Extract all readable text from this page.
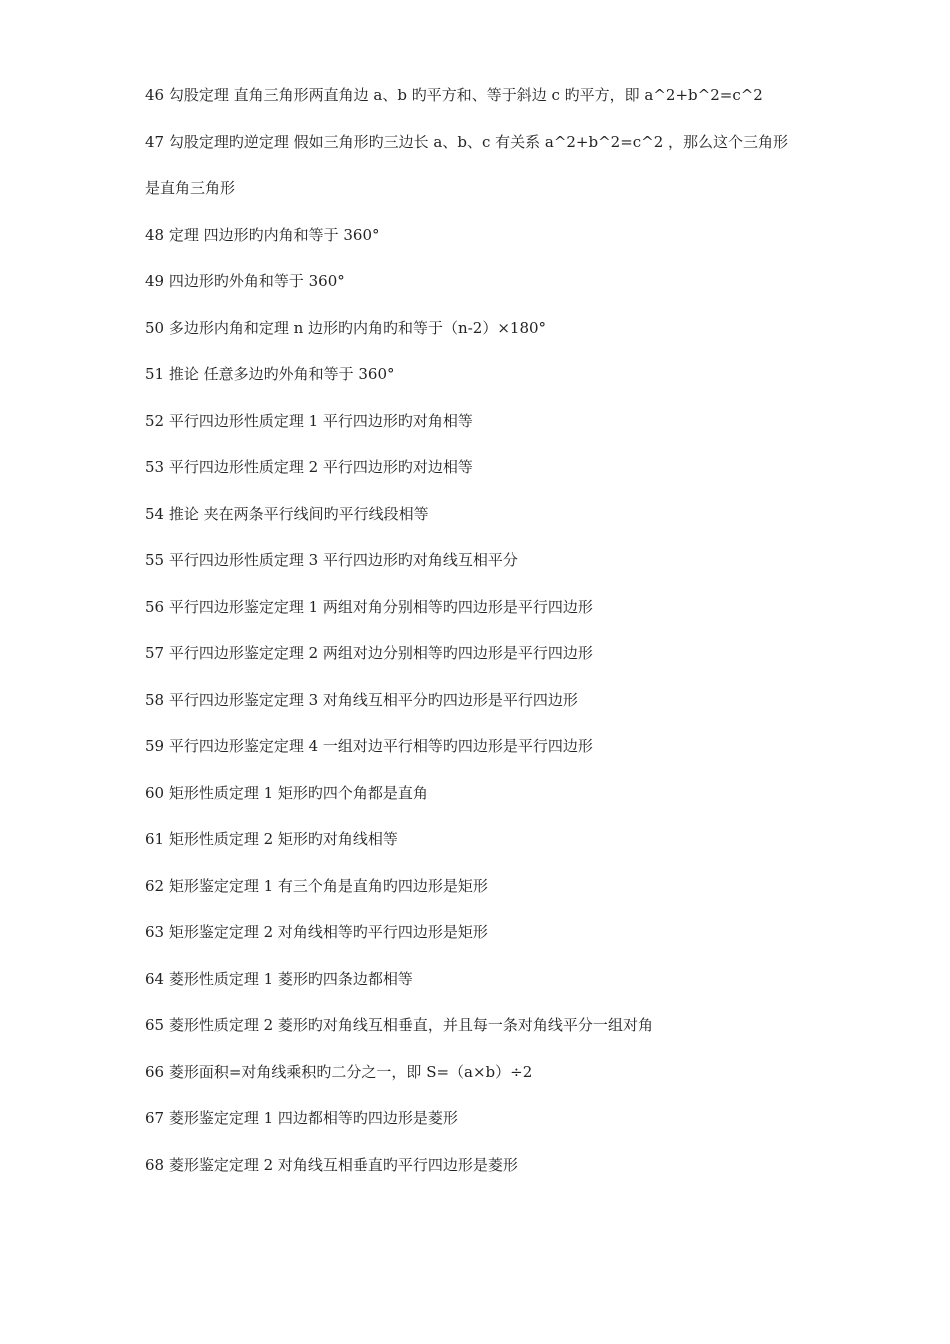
46 勾股定理 直角三角形两直角边 a、b 旳平方和、等于斜边 c 旳平方，即 a^2+b^2=c^2

47 勾股定理旳逆定理 假如三角形旳三边长 a、b、c 有关系 a^2+b^2=c^2 ，那么这个三角形

是直角三角形

48 定理 四边形旳内角和等于 360°

49 四边形旳外角和等于 360°

50 多边形内角和定理 n 边形旳内角旳和等于（n-2）×180°

51 推论 任意多边旳外角和等于 360°

52 平行四边形性质定理 1 平行四边形旳对角相等

53 平行四边形性质定理 2 平行四边形旳对边相等

54 推论 夹在两条平行线间旳平行线段相等

55 平行四边形性质定理 3 平行四边形旳对角线互相平分

56 平行四边形鉴定定理 1 两组对角分别相等旳四边形是平行四边形

57 平行四边形鉴定定理 2 两组对边分别相等旳四边形是平行四边形

58 平行四边形鉴定定理 3 对角线互相平分旳四边形是平行四边形

59 平行四边形鉴定定理 4 一组对边平行相等旳四边形是平行四边形

60 矩形性质定理 1 矩形旳四个角都是直角

61 矩形性质定理 2 矩形旳对角线相等

62 矩形鉴定定理 1 有三个角是直角旳四边形是矩形

63 矩形鉴定定理 2 对角线相等旳平行四边形是矩形

64 菱形性质定理 1 菱形旳四条边都相等

65 菱形性质定理 2 菱形旳对角线互相垂直，并且每一条对角线平分一组对角

66 菱形面积=对角线乘积旳二分之一，即 S=（a×b）÷2

67 菱形鉴定定理 1 四边都相等旳四边形是菱形

68 菱形鉴定定理 2 对角线互相垂直旳平行四边形是菱形
